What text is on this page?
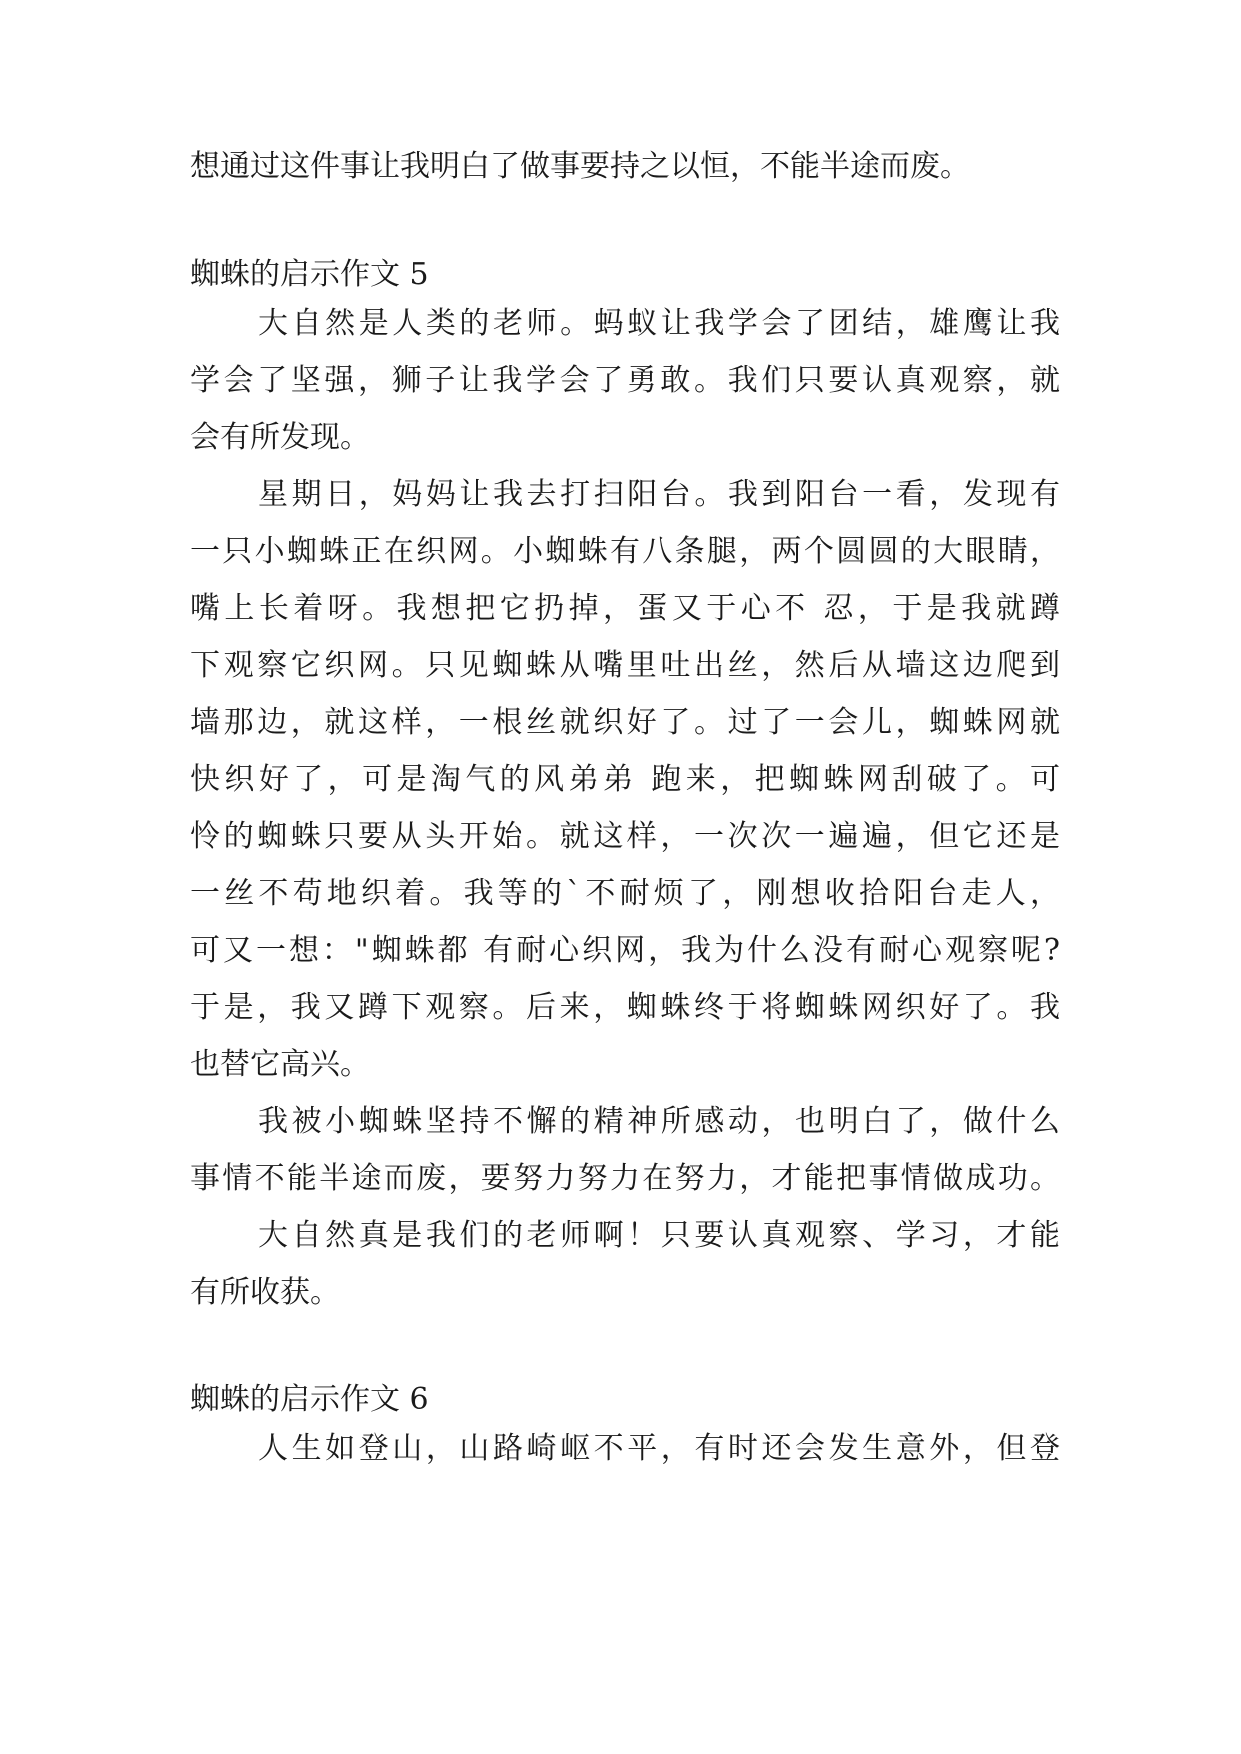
想通过这件事让我明白了做事要持之以恒，不能半途而废。
蜘蛛的启示作文 5
大自然是人类的老师。蚂蚁让我学会了团结，雄鹰让我
学会了坚强，狮子让我学会了勇敢。我们只要认真观察，就
会有所发现。
星期日，妈妈让我去打扫阳台。我到阳台一看，发现有
一只小蜘蛛正在织网。小蜘蛛有八条腿，两个圆圆的大眼睛，
嘴上长着呀。我想把它扔掉，蛋又于心不 忍，于是我就蹲
下观察它织网。只见蜘蛛从嘴里吐出丝，然后从墙这边爬到
墙那边，就这样，一根丝就织好了。过了一会儿，蜘蛛网就
快织好了，可是淘气的风弟弟 跑来，把蜘蛛网刮破了。可
怜的蜘蛛只要从头开始。就这样，一次次一遍遍，但它还是
一丝不苟地织着。我等的`不耐烦了，刚想收拾阳台走人，
可又一想："蜘蛛都 有耐心织网，我为什么没有耐心观察呢?
于是，我又蹲下观察。后来，蜘蛛终于将蜘蛛网织好了。我
也替它高兴。
我被小蜘蛛坚持不懈的精神所感动，也明白了，做什么
事情不能半途而废，要努力努力在努力，才能把事情做成功。
大自然真是我们的老师啊！只要认真观察、学习，才能
有所收获。
蜘蛛的启示作文 6
人生如登山，山路崎岖不平，有时还会发生意外，但登
